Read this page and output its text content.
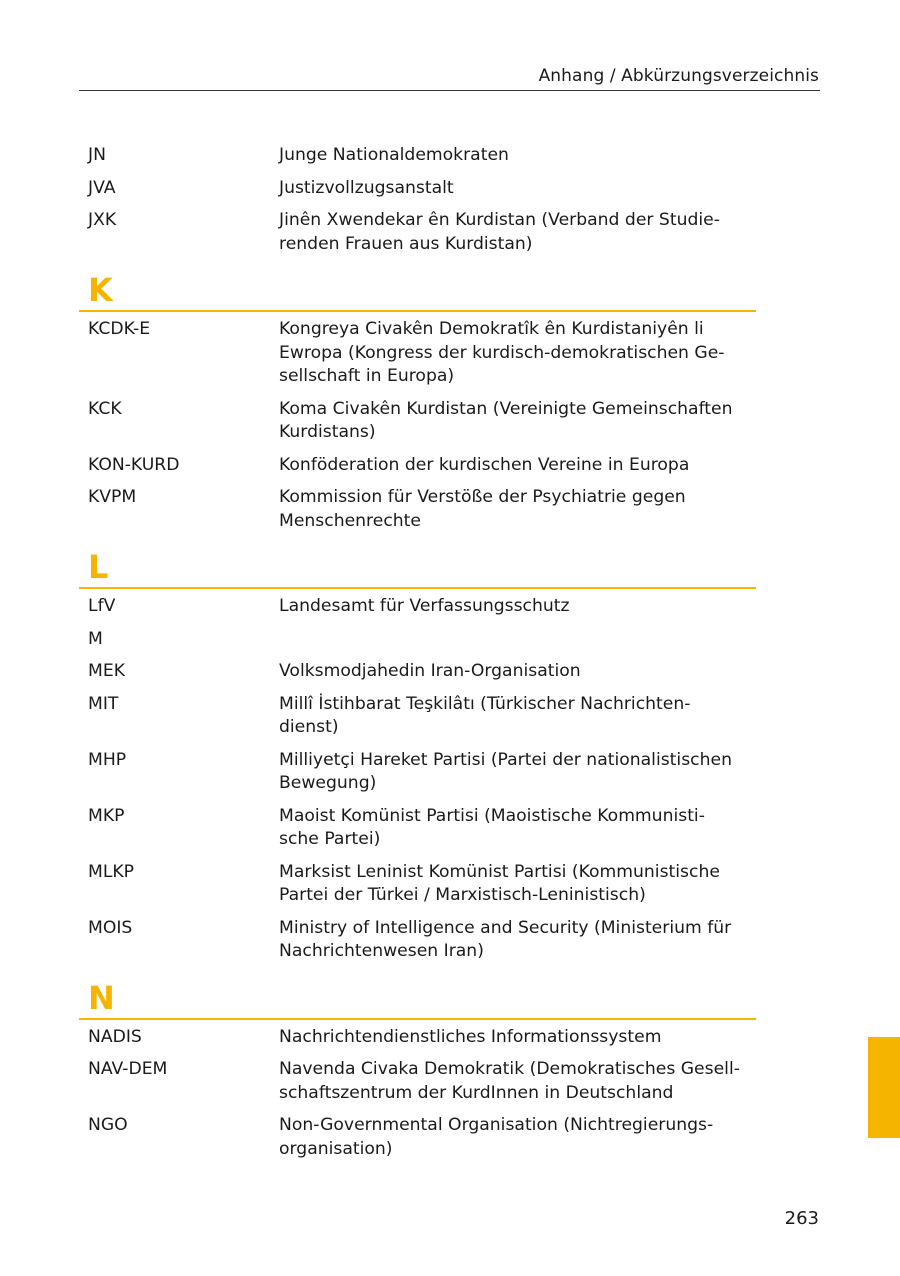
Anhang / Abkürzungsverzeichnis
JN	Junge Nationaldemokraten
JVA	Justizvollzugsanstalt
JXK	Jinên Xwendekar ên Kurdistan (Verband der Studie-
renden Frauen aus Kurdistan)
K
KCDK-E	Kongreya Civakên Demokratîk ên Kurdistaniyên li
Ewropa (Kongress der kurdisch-demokratischen Ge-
sellschaft in Europa)
KCK	Koma Civakên Kurdistan (Vereinigte Gemeinschaften
Kurdistans)
KON-KURD	Konföderation der kurdischen Vereine in Europa
KVPM	Kommission für Verstöße der Psychiatrie gegen
Menschenrechte
L
LfV	Landesamt für Verfassungsschutz
M
MEK	Volksmodjahedin Iran-Organisation
MIT	Millî İstihbarat Teşkilâtı (Türkischer Nachrichten-
dienst)
MHP	Milliyetçi Hareket Partisi (Partei der nationalistischen
Bewegung)
MKP	Maoist Komünist Partisi (Maoistische Kommunisti-
sche Partei)
MLKP	Marksist Leninist Komünist Partisi (Kommunistische
Partei der Türkei / Marxistisch-Leninistisch)
MOIS	Ministry of Intelligence and Security (Ministerium für
Nachrichtenwesen Iran)
N
NADIS	Nachrichtendienstliches Informationssystem
NAV-DEM	Navenda Civaka Demokratik (Demokratisches Gesell-
schaftszentrum der KurdInnen in Deutschland
NGO	Non-Governmental Organisation (Nichtregierungs-
organisation)
263
